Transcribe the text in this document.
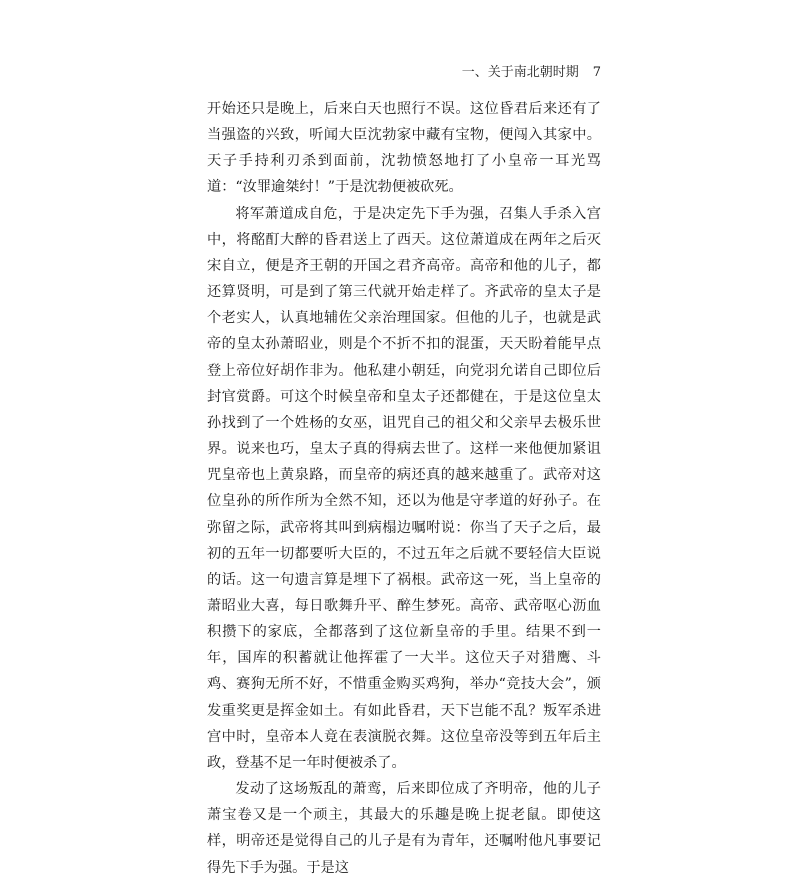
一、关于南北朝时期 7

开始还只是晚上，后来白天也照行不误。这位昏君后来还有了当强盗的兴致，听闻大臣沈勃家中藏有宝物，便闯入其家中。天子手持利刃杀到面前，沈勃愤怒地打了小皇帝一耳光骂道：“汝罪逾桀纣！”于是沈勃便被砍死。

将军萧道成自危，于是决定先下手为强，召集人手杀入宫中，将酩酊大醉的昏君送上了西天。这位萧道成在两年之后灭宋自立，便是齐王朝的开国之君齐高帝。高帝和他的儿子，都还算贤明，可是到了第三代就开始走样了。齐武帝的皇太子是个老实人，认真地辅佐父亲治理国家。但他的儿子，也就是武帝的皇太孙萧昭业，则是个不折不扣的混蛋，天天盼着能早点登上帝位好胡作非为。他私建小朝廷，向党羽允诺自己即位后封官赏爵。可这个时候皇帝和皇太子还都健在，于是这位皇太孙找到了一个姓杨的女巫，诅咒自己的祖父和父亲早去极乐世界。说来也巧，皇太子真的得病去世了。这样一来他便加紧诅咒皇帝也上黄泉路，而皇帝的病还真的越来越重了。武帝对这位皇孙的所作所为全然不知，还以为他是守孝道的好孙子。在弥留之际，武帝将其叫到病榻边嘱咐说：你当了天子之后，最初的五年一切都要听大臣的，不过五年之后就不要轻信大臣说的话。这一句遗言算是埋下了祸根。武帝这一死，当上皇帝的萧昭业大喜，每日歌舞升平、醉生梦死。高帝、武帝呕心沥血积攒下的家底，全都落到了这位新皇帝的手里。结果不到一年，国库的积蓄就让他挥霍了一大半。这位天子对猎鹰、斗鸡、赛狗无所不好，不惜重金购买鸡狗，举办“竞技大会”，颁发重奖更是挥金如土。有如此昏君，天下岂能不乱？叛军杀进宫中时，皇帝本人竟在表演脱衣舞。这位皇帝没等到五年后主政，登基不足一年时便被杀了。

发动了这场叛乱的萧鸾，后来即位成了齐明帝，他的儿子萧宝卷又是一个顽主，其最大的乐趣是晚上捉老鼠。即使这样，明帝还是觉得自己的儿子是有为青年，还嘱咐他凡事要记得先下手为强。于是这
